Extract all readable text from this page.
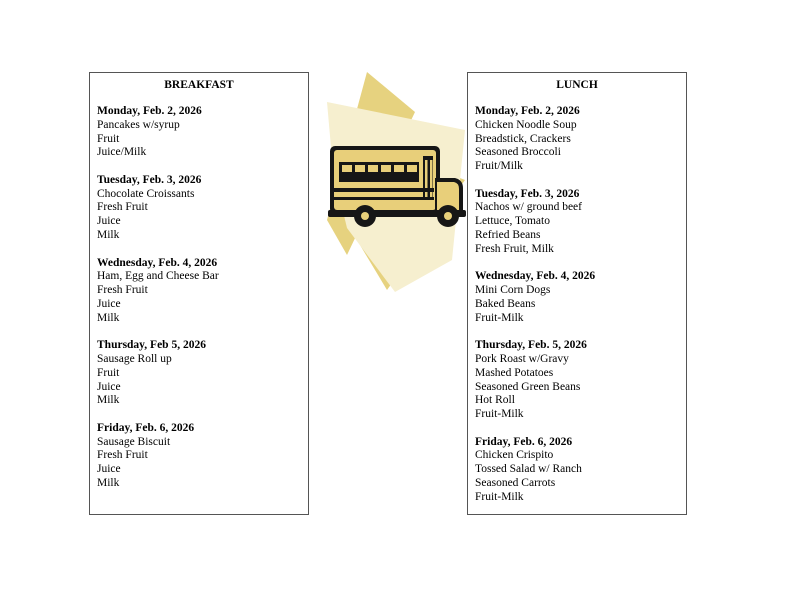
BREAKFAST
Monday, Feb. 2, 2026
Pancakes w/syrup
Fruit
Juice/Milk
Tuesday, Feb. 3, 2026
Chocolate Croissants
Fresh Fruit
Juice
Milk
Wednesday, Feb. 4, 2026
Ham, Egg and Cheese Bar
Fresh Fruit
Juice
Milk
Thursday, Feb 5, 2026
Sausage Roll up
Fruit
Juice
Milk
Friday, Feb. 6, 2026
Sausage Biscuit
Fresh Fruit
Juice
Milk
LUNCH
Monday, Feb. 2, 2026
Chicken Noodle Soup
Breadstick, Crackers
Seasoned Broccoli
Fruit/Milk
Tuesday, Feb. 3, 2026
Nachos w/ ground beef
Lettuce, Tomato
Refried Beans
Fresh Fruit, Milk
Wednesday, Feb. 4, 2026
Mini Corn Dogs
Baked Beans
Fruit-Milk
Thursday, Feb. 5, 2026
Pork Roast w/Gravy
Mashed Potatoes
Seasoned Green Beans
Hot Roll
Fruit-Milk
Friday, Feb. 6, 2026
Chicken Crispito
Tossed Salad w/ Ranch
Seasoned Carrots
Fruit-Milk
